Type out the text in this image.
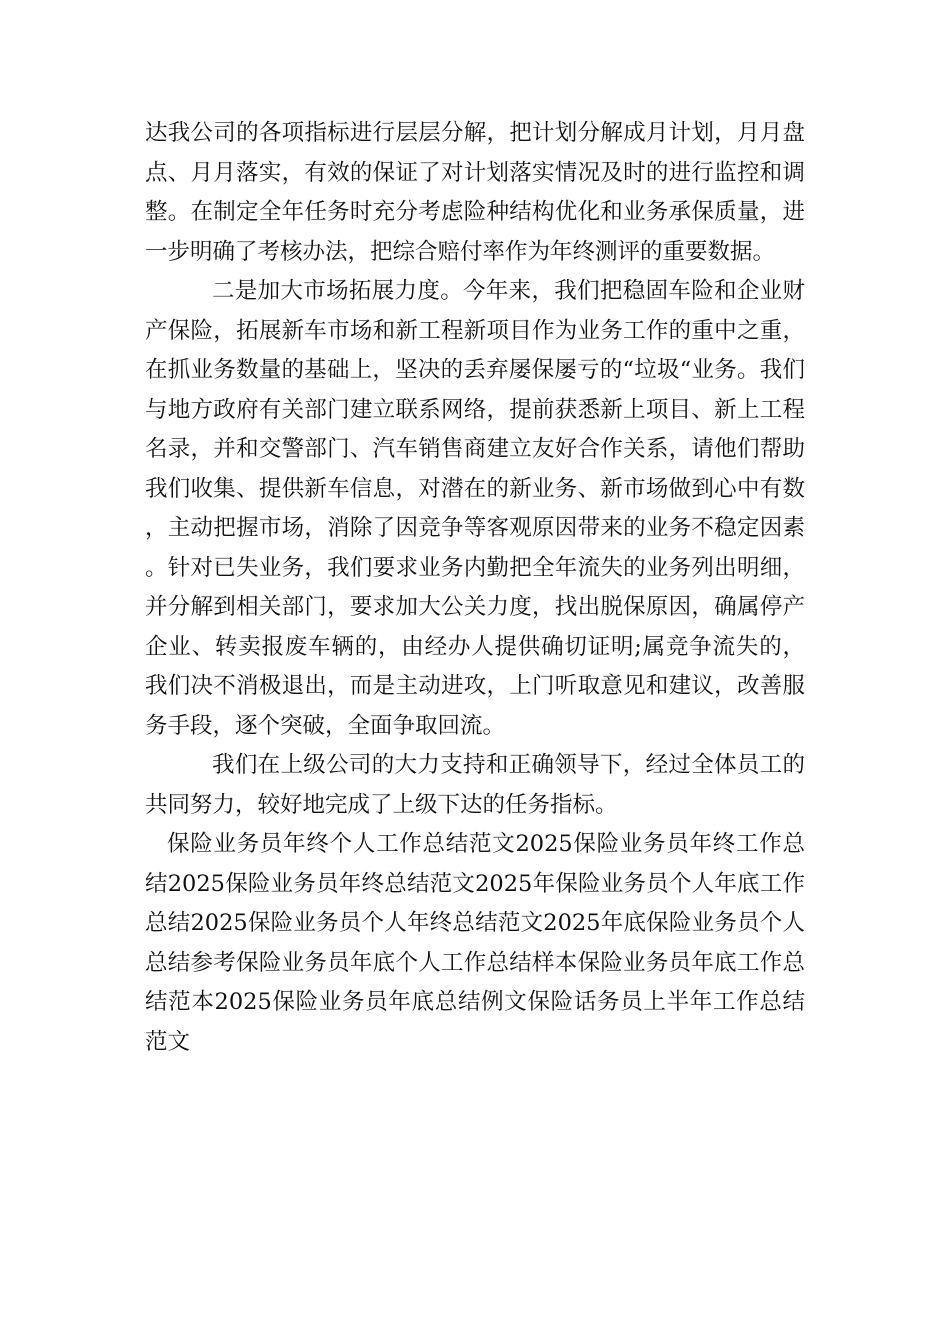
达我公司的各项指标进行层层分解，把计划分解成月计划，月月盘点、月月落实，有效的保证了对计划落实情况及时的进行监控和调整。在制定全年任务时充分考虑险种结构优化和业务承保质量，进一步明确了考核办法，把综合赔付率作为年终测评的重要数据。

二是加大市场拓展力度。今年来，我们把稳固车险和企业财产保险，拓展新车市场和新工程新项目作为业务工作的重中之重，在抓业务数量的基础上，坚决的丢弃屡保屡亏的“垃圾“业务。我们与地方政府有关部门建立联系网络，提前获悉新上项目、新上工程名录，并和交警部门、汽车销售商建立友好合作关系，请他们帮助我们收集、提供新车信息，对潜在的新业务、新市场做到心中有数，主动把握市场，消除了因竞争等客观原因带来的业务不稳定因素。针对已失业务，我们要求业务内勤把全年流失的业务列出明细，并分解到相关部门，要求加大公关力度，找出脱保原因，确属停产企业、转卖报废车辆的，由经办人提供确切证明;属竞争流失的，我们决不消极退出，而是主动进攻，上门听取意见和建议，改善服务手段，逐个突破，全面争取回流。

我们在上级公司的大力支持和正确领导下，经过全体员工的共同努力，较好地完成了上级下达的任务指标。

保险业务员年终个人工作总结范文2025保险业务员年终工作总结2025保险业务员年终总结范文2025年保险业务员个人年底工作总结2025保险业务员个人年终总结范文2025年底保险业务员个人总结参考保险业务员年底个人工作总结样本保险业务员年底工作总结范本2025保险业务员年底总结例文保险话务员上半年工作总结范文
